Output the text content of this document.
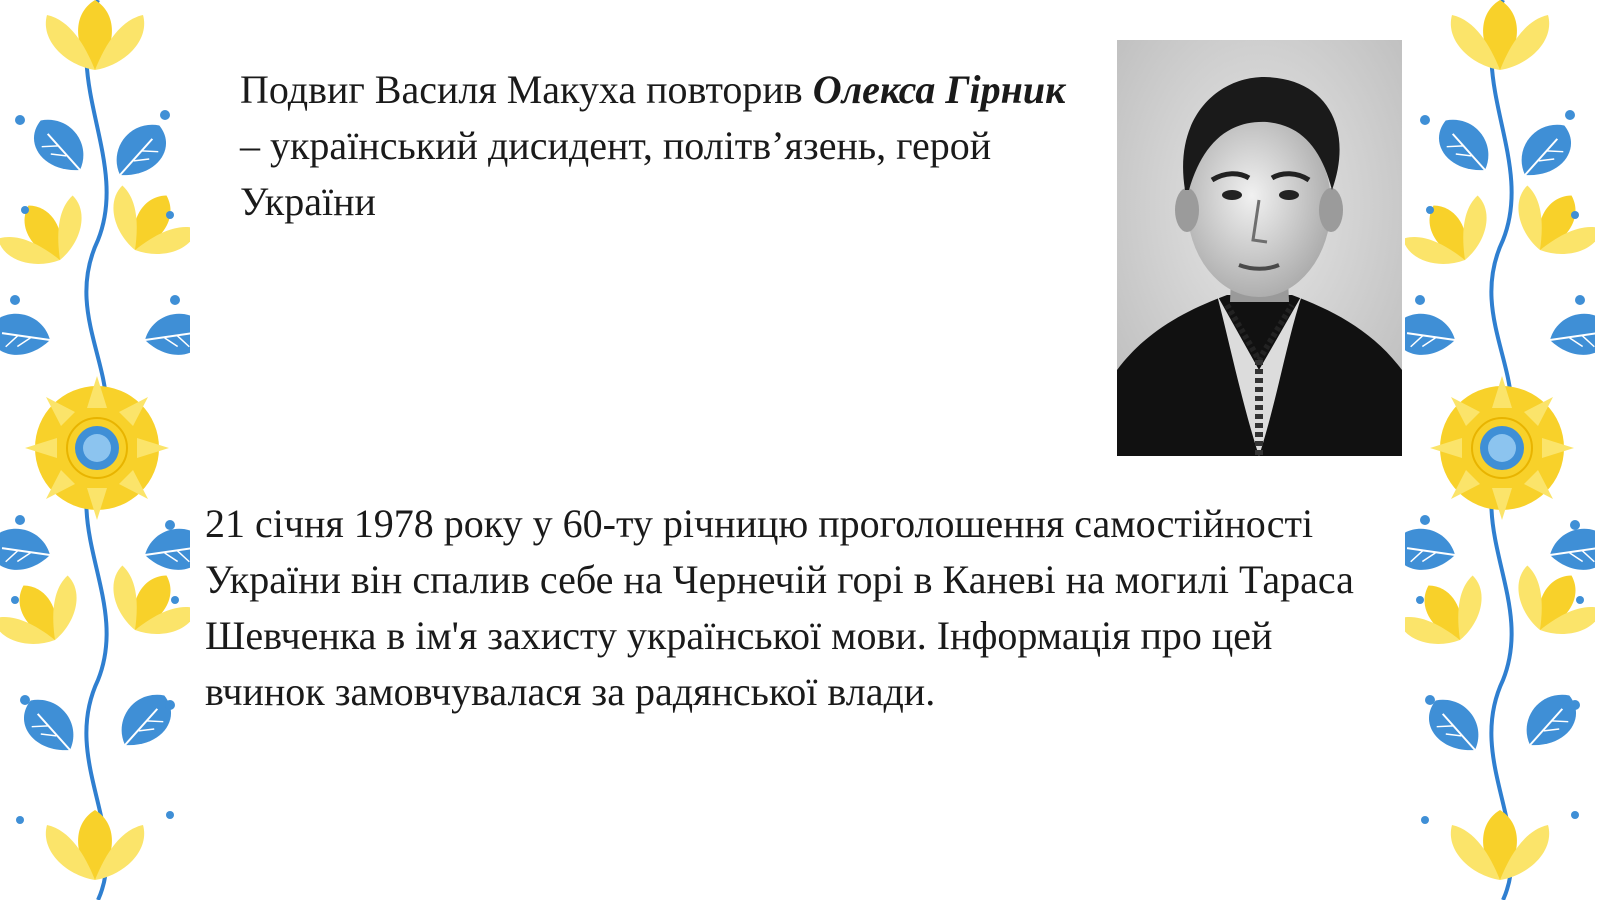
Подвиг Василя Макуха повторив Олекса Гірник – український дисидент, політв’язень, герой України

21 січня 1978 року у 60-ту річницю проголошення самостійності України він спалив себе на Чернечій горі в Каневі на могилі Тараса Шевченка в ім'я захисту української мови. Інформація про цей вчинок замовчувалася за радянської влади.
